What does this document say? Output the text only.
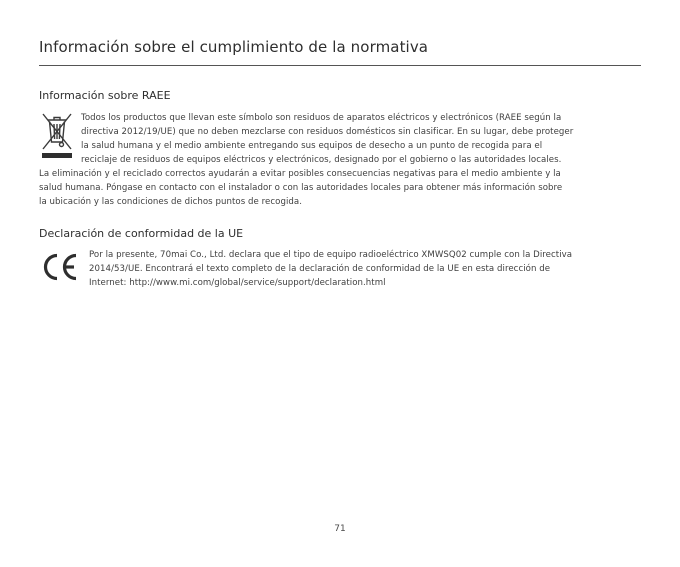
Información sobre el cumplimiento de la normativa
Información sobre RAEE
Todos los productos que llevan este símbolo son residuos de aparatos eléctricos y electrónicos (RAEE según la
directiva 2012/19/UE) que no deben mezclarse con residuos domésticos sin clasificar. En su lugar, debe proteger
la salud humana y el medio ambiente entregando sus equipos de desecho a un punto de recogida para el
reciclaje de residuos de equipos eléctricos y electrónicos, designado por el gobierno o las autoridades locales.
La eliminación y el reciclado correctos ayudarán a evitar posibles consecuencias negativas para el medio ambiente y la
salud humana. Póngase en contacto con el instalador o con las autoridades locales para obtener más información sobre
la ubicación y las condiciones de dichos puntos de recogida.
Declaración de conformidad de la UE
Por la presente, 70mai Co., Ltd. declara que el tipo de equipo radioeléctrico XMWSQ02 cumple con la Directiva
2014/53/UE. Encontrará el texto completo de la declaración de conformidad de la UE en esta dirección de
Internet: http://www.mi.com/global/service/support/declaration.html
71
